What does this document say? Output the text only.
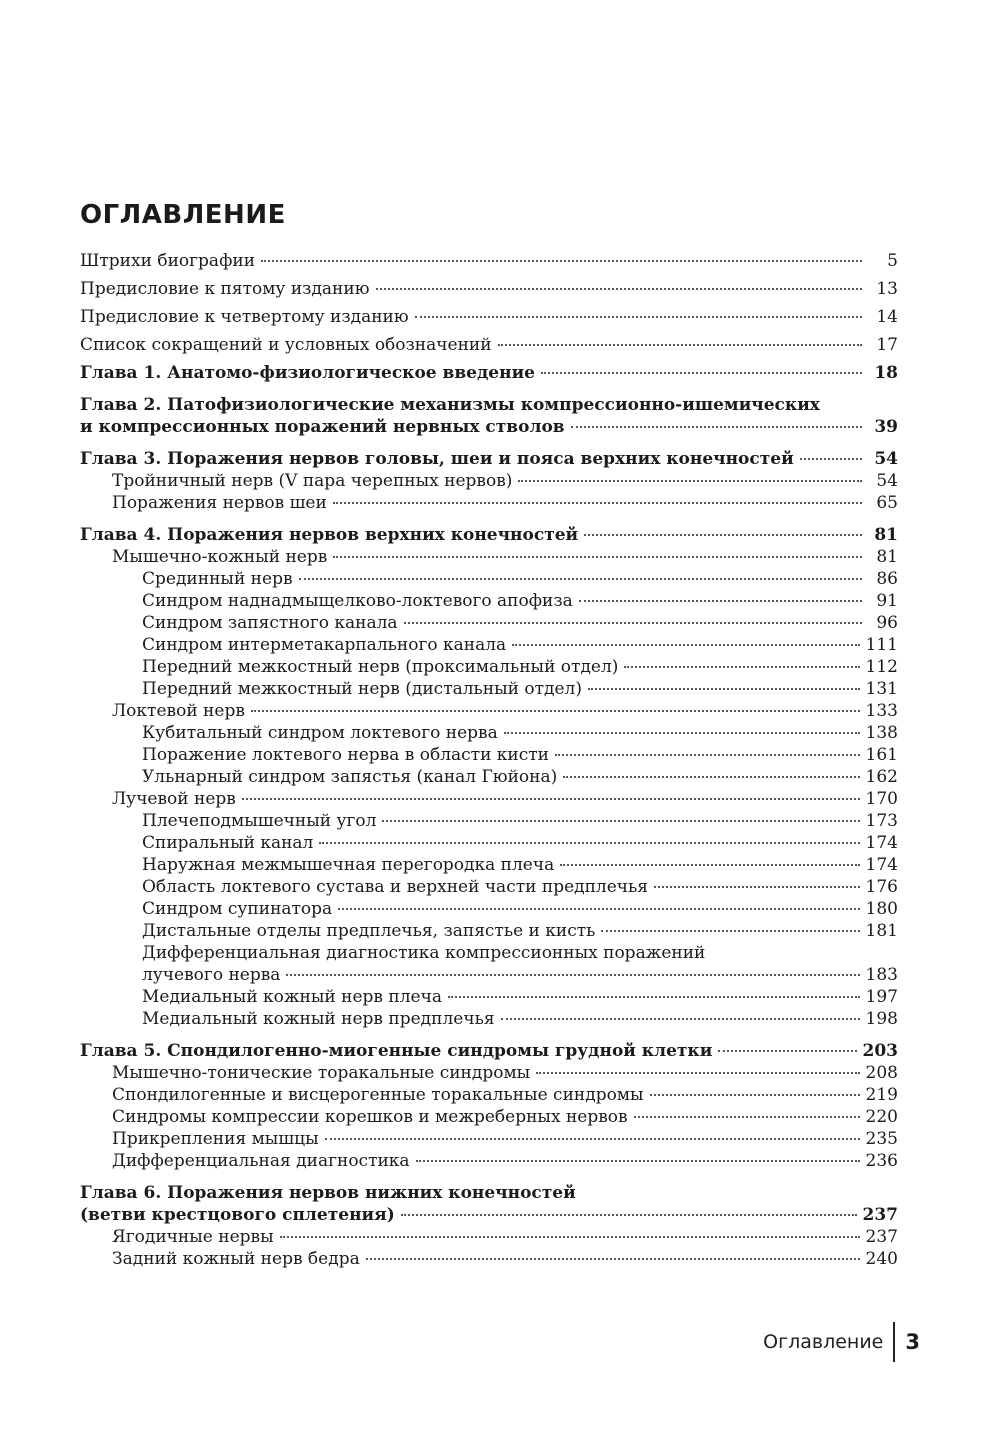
ОГЛАВЛЕНИЕ
Штрихи биографии	5
Предисловие к пятому изданию	13
Предисловие к четвертому изданию	14
Список сокращений и условных обозначений	17
Глава 1. Анатомо-физиологическое введение	18
Глава 2. Патофизиологические механизмы компрессионно-ишемических
и компрессионных поражений нервных стволов	39
Глава 3. Поражения нервов головы, шеи и пояса верхних конечностей	54
Тройничный нерв (V пара черепных нервов)	54
Поражения нервов шеи	65
Глава 4. Поражения нервов верхних конечностей	81
Мышечно-кожный нерв	81
Срединный нерв	86
Синдром наднадмыщелково-локтевого апофиза	91
Синдром запястного канала	96
Синдром интерметакарпального канала	111
Передний межкостный нерв (проксимальный отдел)	112
Передний межкостный нерв (дистальный отдел)	131
Локтевой нерв	133
Кубитальный синдром локтевого нерва	138
Поражение локтевого нерва в области кисти	161
Ульнарный синдром запястья (канал Гюйона)	162
Лучевой нерв	170
Плечеподмышечный угол	173
Спиральный канал	174
Наружная межмышечная перегородка плеча	174
Область локтевого сустава и верхней части предплечья	176
Синдром супинатора	180
Дистальные отделы предплечья, запястье и кисть	181
Дифференциальная диагностика компрессионных поражений
лучевого нерва	183
Медиальный кожный нерв плеча	197
Медиальный кожный нерв предплечья	198
Глава 5. Спондилогенно-миогенные синдромы грудной клетки	203
Мышечно-тонические торакальные синдромы	208
Спондилогенные и висцерогенные торакальные синдромы	219
Синдромы компрессии корешков и межреберных нервов	220
Прикрепления мышцы	235
Дифференциальная диагностика	236
Глава 6. Поражения нервов нижних конечностей
(ветви крестцового сплетения)	237
Ягодичные нервы	237
Задний кожный нерв бедра	240
Оглавление	3
